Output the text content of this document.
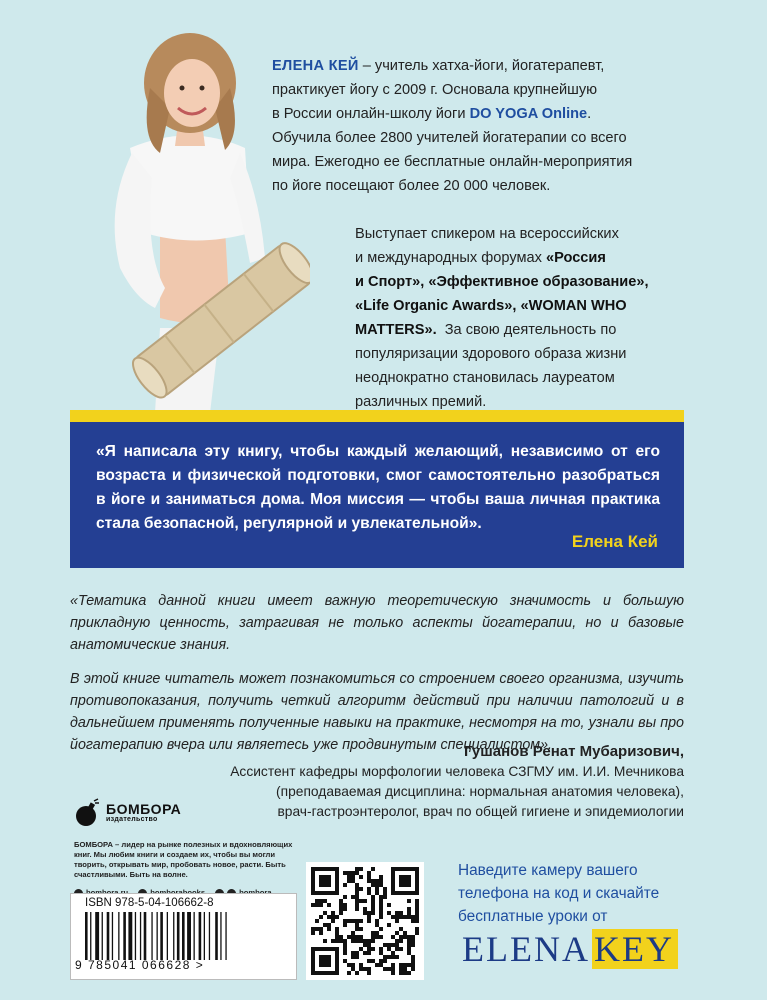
ЕЛЕНА КЕЙ – учитель хатха-йоги, йогатерапевт,
практикует йогу с 2009 г. Основала крупнейшую
в России онлайн-школу йоги DO YOGA Online.
Обучила более 2800 учителей йогатерапии со всего
мира. Ежегодно ее бесплатные онлайн-мероприятия
по йоге посещают более 20 000 человек.
Выступает спикером на всероссийских
и международных форумах «Россия
и Спорт», «Эффективное образование»,
«Life Organic Awards», «WOMAN WHO
MATTERS».  За свою деятельность по
популяризации здорового образа жизни
неоднократно становилась лауреатом
различных премий.
«Я написала эту книгу, чтобы каждый желающий, независимо от его возраста и физической подготовки, смог самостоятельно разобраться в йоге и заниматься дома. Моя миссия — чтобы ваша личная практика стала безопасной, регулярной и увлекательной».
Елена Кей

«Тематика данной книги имеет важную теоретическую значимость и большую прикладную ценность, затрагивая не только аспекты йогатерапии, но и базовые анатомические знания.

В этой книге читатель может познакомиться со строением своего организма, изучить противопоказания, получить четкий алгоритм действий при наличии патологий и в дальнейшем применять полученные навыки на практике, несмотря на то, узнали вы про йогатерапию вчера или являетесь уже продвинутым специалистом».

Гушанов Ренат Мубаризович,
Ассистент кафедры морфологии человека СЗГМУ им. И.И. Мечникова
(преподаваемая дисциплина: нормальная анатомия человека),
врач-гастроэнтеролог, врач по общей гигиене и эпидемиологии
БОМБОРА
издательство
БОМБОРА – лидер на рынке полезных и вдохновляющих книг. Мы любим книги и создаем их, чтобы вы могли творить, открывать мир, пробовать новое, расти. Быть счастливыми. Быть на волне.
ISBN 978-5-04-106662-8
9 785041 066628 >
Наведите камеру вашего телефона на код и скачайте бесплатные уроки от
ELENA KEY
